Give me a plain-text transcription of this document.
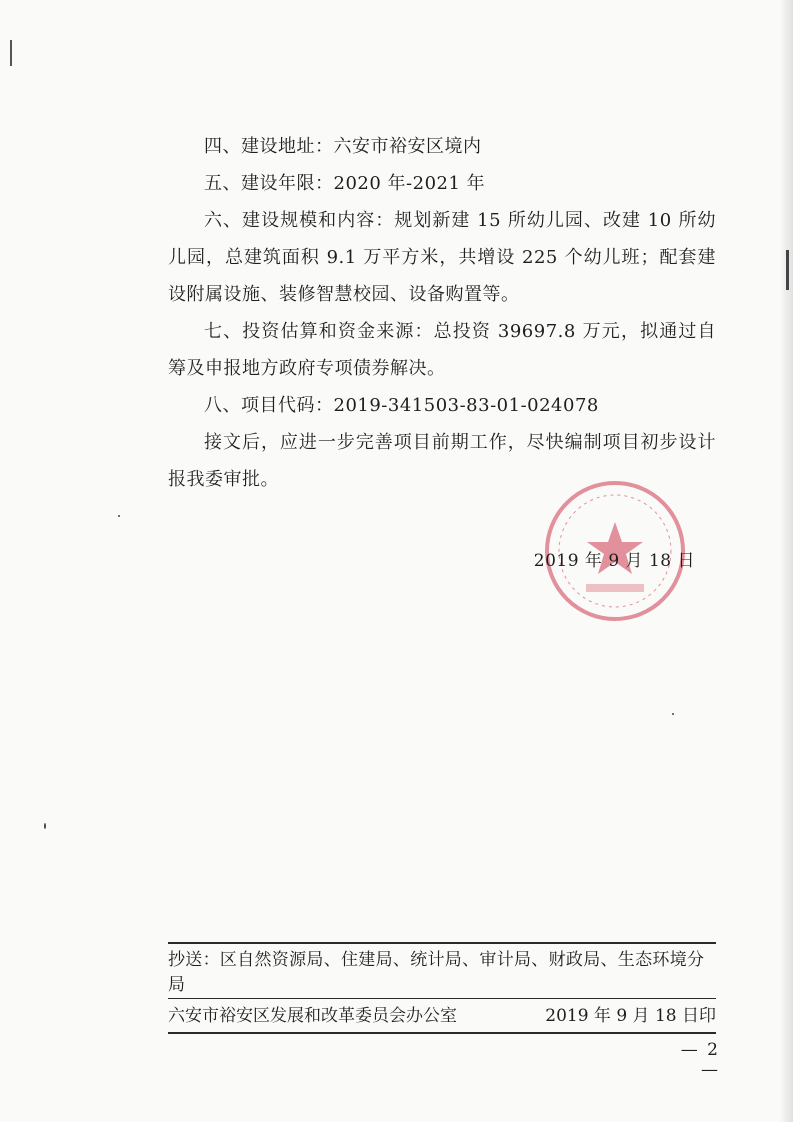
四、建设地址：六安市裕安区境内

五、建设年限：2020 年-2021 年

六、建设规模和内容：规划新建 15 所幼儿园、改建 10 所幼儿园，总建筑面积 9.1 万平方米，共增设 225 个幼儿班；配套建设附属设施、装修智慧校园、设备购置等。

七、投资估算和资金来源：总投资 39697.8 万元，拟通过自筹及申报地方政府专项债券解决。

八、项目代码：2019-341503-83-01-024078

接文后，应进一步完善项目前期工作，尽快编制项目初步设计报我委审批。

2019 年 9 月 18 日
抄送：区自然资源局、住建局、统计局、审计局、财政局、生态环境分局
六安市裕安区发展和改革委员会办公室	2019 年 9 月 18 日印
— 2 —
